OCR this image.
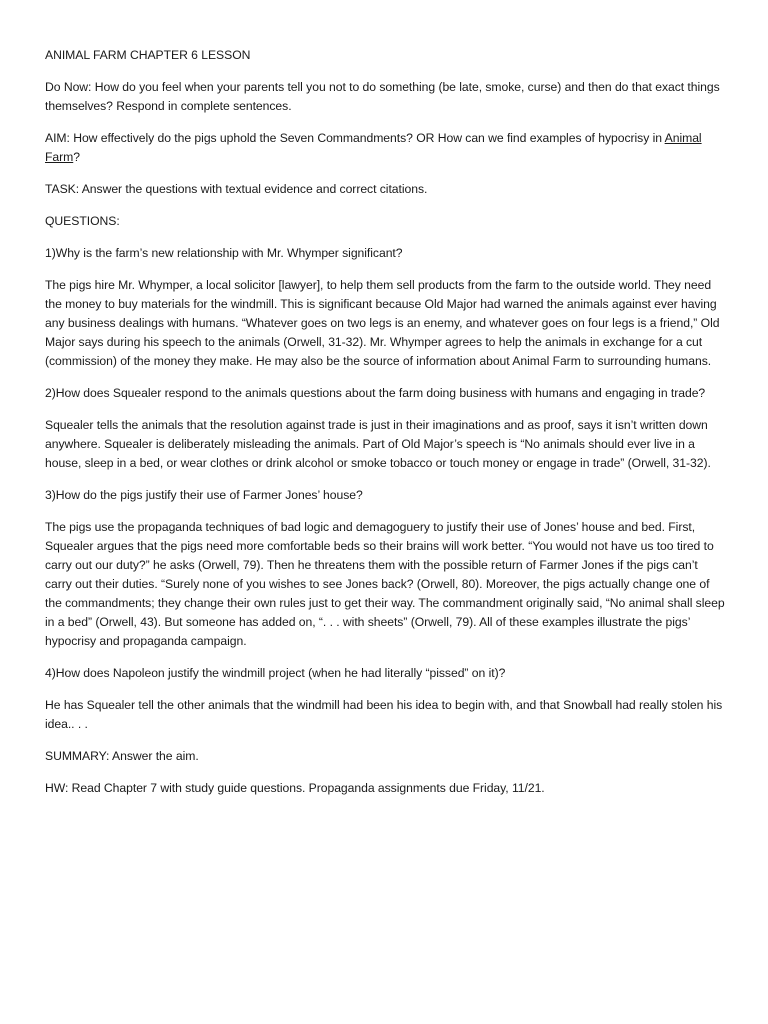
ANIMAL FARM CHAPTER 6 LESSON

Do Now: How do you feel when your parents tell you not to do something (be late, smoke, curse) and then do that exact things themselves? Respond in complete sentences.

AIM: How effectively do the pigs uphold the Seven Commandments? OR How can we find examples of hypocrisy in Animal Farm?

TASK: Answer the questions with textual evidence and correct citations.

QUESTIONS:

1)Why is the farm’s new relationship with Mr. Whymper significant?

The pigs hire Mr. Whymper, a local solicitor [lawyer], to help them sell products from the farm to the outside world. They need the money to buy materials for the windmill. This is significant because Old Major had warned the animals against ever having any business dealings with humans. “Whatever goes on two legs is an enemy, and whatever goes on four legs is a friend,” Old Major says during his speech to the animals (Orwell, 31-32). Mr. Whymper agrees to help the animals in exchange for a cut (commission) of the money they make. He may also be the source of information about Animal Farm to surrounding humans.

2)How does Squealer respond to the animals questions about the farm doing business with humans and engaging in trade?

Squealer tells the animals that the resolution against trade is just in their imaginations and as proof, says it isn’t written down anywhere. Squealer is deliberately misleading the animals. Part of Old Major’s speech is “No animals should ever live in a house, sleep in a bed, or wear clothes or drink alcohol or smoke tobacco or touch money or engage in trade” (Orwell, 31-32).

3)How do the pigs justify their use of Farmer Jones’ house?

The pigs use the propaganda techniques of bad logic and demagoguery to justify their use of Jones’ house and bed. First, Squealer argues that the pigs need more comfortable beds so their brains will work better. “You would not have us too tired to carry out our duty?” he asks (Orwell, 79). Then he threatens them with the possible return of Farmer Jones if the pigs can’t carry out their duties. “Surely none of you wishes to see Jones back? (Orwell, 80). Moreover, the pigs actually change one of the commandments; they change their own rules just to get their way. The commandment originally said, “No animal shall sleep in a bed” (Orwell, 43). But someone has added on, “. . . with sheets” (Orwell, 79). All of these examples illustrate the pigs’ hypocrisy and propaganda campaign.

4)How does Napoleon justify the windmill project (when he had literally “pissed” on it)?

He has Squealer tell the other animals that the windmill had been his idea to begin with, and that Snowball had really stolen his idea.. . .

SUMMARY: Answer the aim.

HW: Read Chapter 7 with study guide questions. Propaganda assignments due Friday, 11/21.
